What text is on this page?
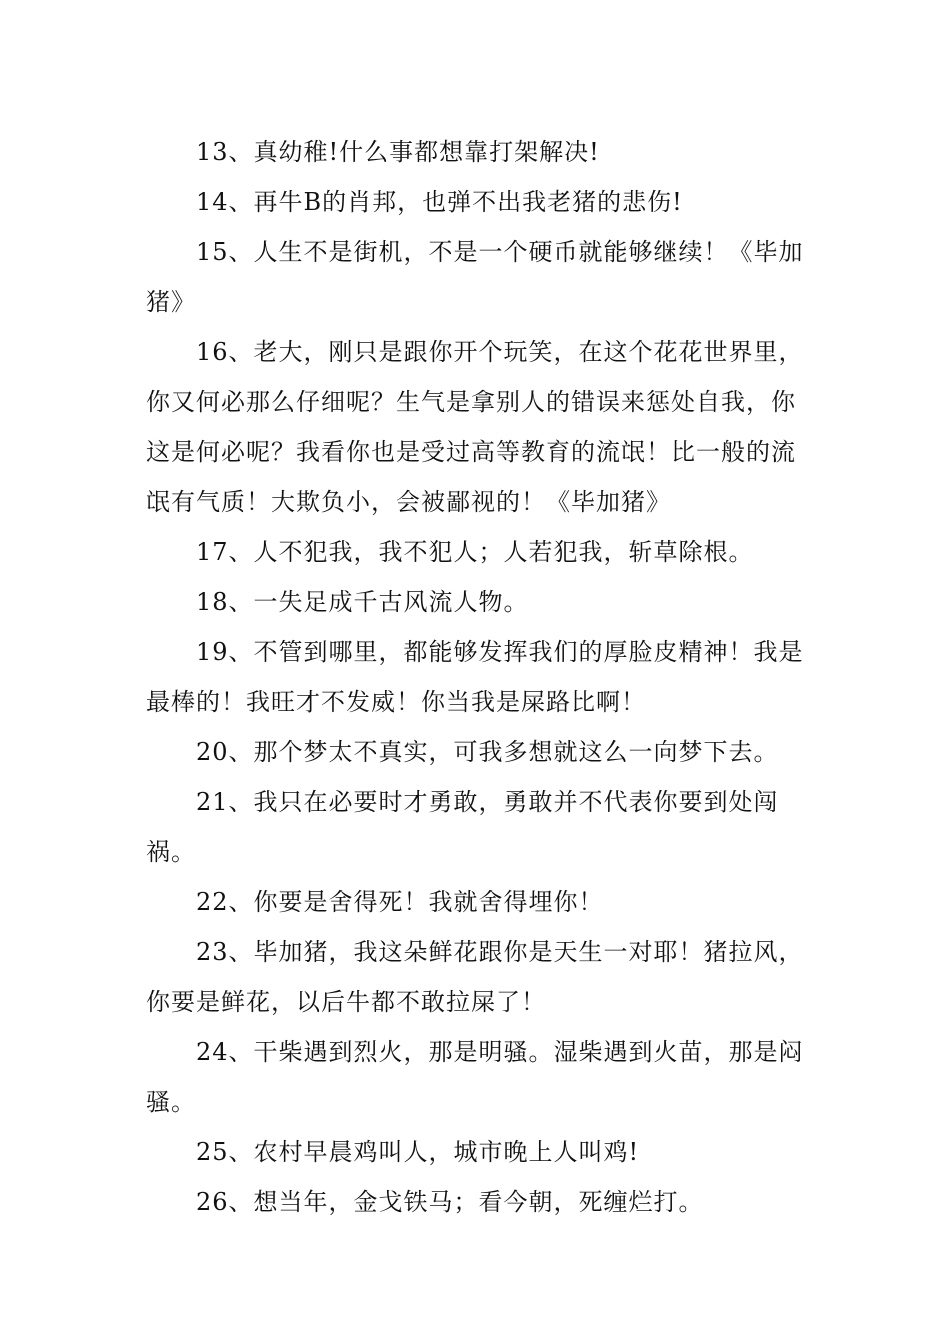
13、真幼稚!什么事都想靠打架解决!

14、再牛B的肖邦，也弹不出我老猪的悲伤!

15、人生不是街机，不是一个硬币就能够继续！《毕加猪》

16、老大，刚只是跟你开个玩笑，在这个花花世界里，你又何必那么仔细呢？生气是拿别人的错误来惩处自我，你这是何必呢？我看你也是受过高等教育的流氓！比一般的流氓有气质！大欺负小，会被鄙视的！《毕加猪》

17、人不犯我，我不犯人；人若犯我，斩草除根。

18、一失足成千古风流人物。

19、不管到哪里，都能够发挥我们的厚脸皮精神！我是最棒的！我旺才不发威！你当我是屎路比啊！

20、那个梦太不真实，可我多想就这么一向梦下去。

21、我只在必要时才勇敢，勇敢并不代表你要到处闯祸。

22、你要是舍得死！我就舍得埋你！

23、毕加猪，我这朵鲜花跟你是天生一对耶！猪拉风，你要是鲜花，以后牛都不敢拉屎了！

24、干柴遇到烈火，那是明骚。湿柴遇到火苗，那是闷骚。

25、农村早晨鸡叫人，城市晚上人叫鸡!

26、想当年，金戈铁马；看今朝，死缠烂打。
